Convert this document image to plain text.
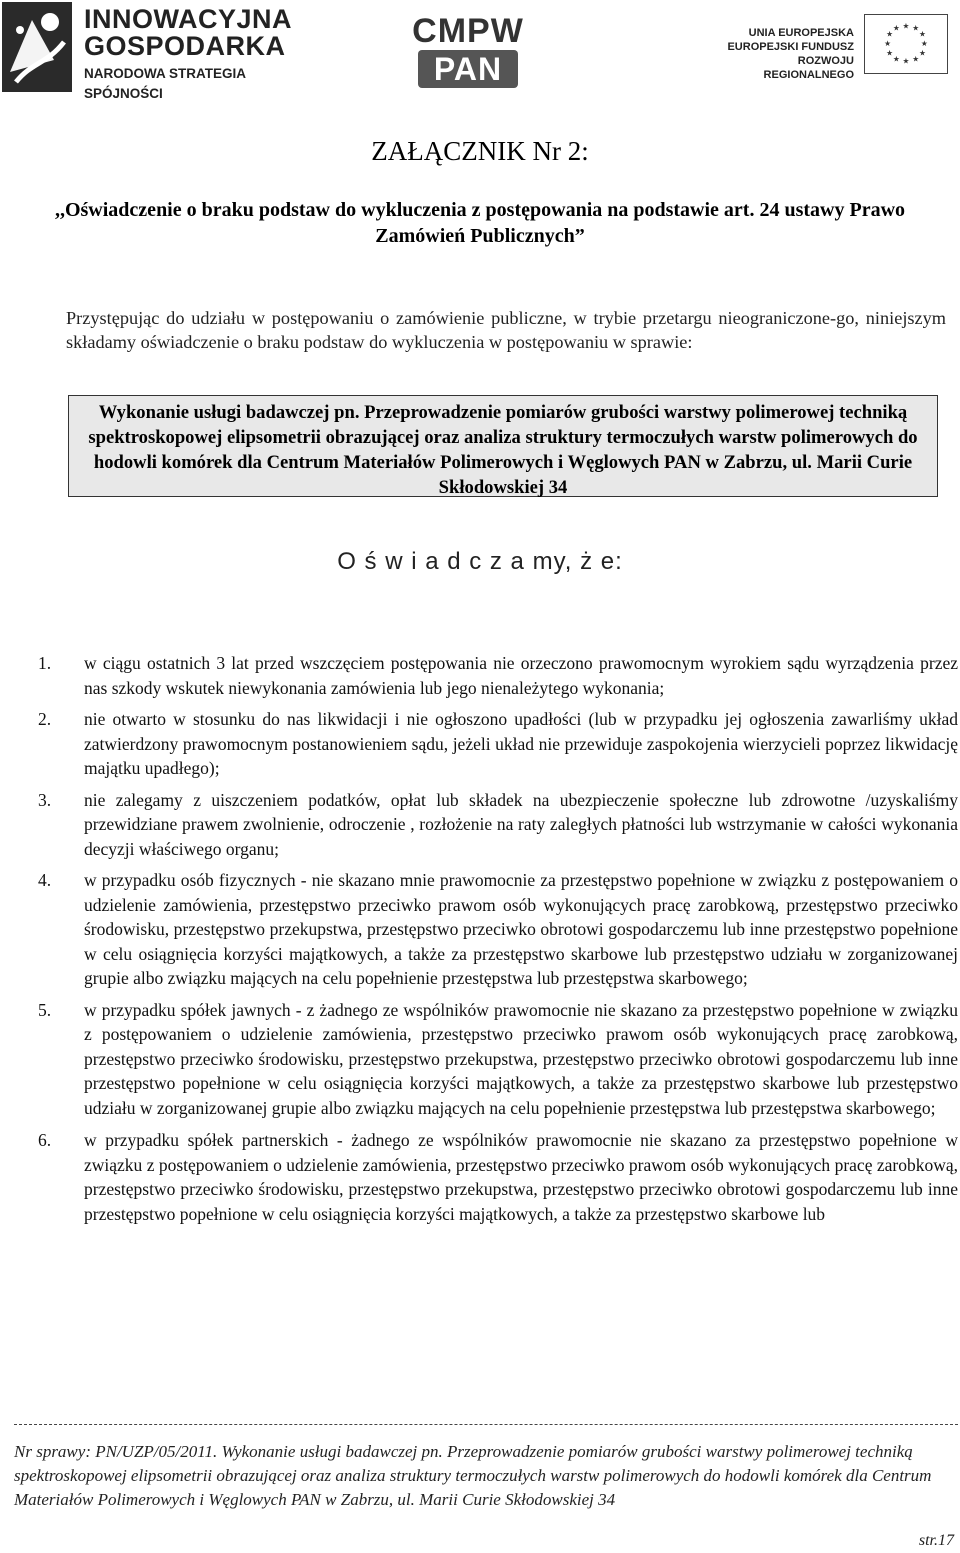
INNOWACYJNA
GOSPODARKA
NARODOWA STRATEGIA SPÓJNOŚCI
CMPW
PAN
UNIA EUROPEJSKA
EUROPEJSKI FUNDUSZ
ROZWOJU REGIONALNEGO
★ ★
★
★
★
★
★
★
★
★
★
★
ZAŁĄCZNIK Nr 2:
,,Oświadczenie o braku podstaw do wykluczenia z postępowania na podstawie art. 24 ustawy Prawo Zamówień Publicznych”
Przystępując do udziału w postępowaniu o zamówienie publiczne, w trybie przetargu nieograniczone-go, niniejszym składamy oświadczenie o braku podstaw do wykluczenia w postępowaniu w sprawie:
Wykonanie usługi badawczej pn. Przeprowadzenie pomiarów grubości warstwy polimerowej techniką spektroskopowej elipsometrii obrazującej oraz analiza struktury termoczułych warstw polimerowych do hodowli komórek dla Centrum Materiałów Polimerowych i Węglowych PAN w Zabrzu, ul. Marii Curie Skłodowskiej 34
O ś w i a d c z a my, ż e:
1. w ciągu ostatnich 3 lat przed wszczęciem postępowania nie orzeczono prawomocnym wyrokiem sądu wyrządzenia przez nas szkody wskutek niewykonania zamówienia lub jego nienależytego wykonania;
2. nie otwarto w stosunku do nas likwidacji i nie ogłoszono upadłości (lub w przypadku jej ogłoszenia zawarliśmy układ zatwierdzony prawomocnym postanowieniem sądu, jeżeli układ nie przewiduje zaspokojenia wierzycieli poprzez likwidację majątku upadłego);
3. nie zalegamy z uiszczeniem podatków, opłat lub składek na ubezpieczenie społeczne lub zdrowotne /uzyskaliśmy przewidziane prawem zwolnienie, odroczenie , rozłożenie na raty zaległych płatności lub wstrzymanie w całości wykonania decyzji właściwego organu;
4. w przypadku osób fizycznych - nie skazano mnie prawomocnie za przestępstwo popełnione w związku z postępowaniem o udzielenie zamówienia, przestępstwo przeciwko prawom osób wykonujących pracę zarobkową, przestępstwo przeciwko środowisku, przestępstwo przekupstwa, przestępstwo przeciwko obrotowi gospodarczemu lub inne przestępstwo popełnione w celu osiągnięcia korzyści majątkowych, a także za przestępstwo skarbowe lub przestępstwo udziału w zorganizowanej grupie albo związku mających na celu popełnienie przestępstwa lub przestępstwa skarbowego;
5. w przypadku spółek jawnych - z żadnego ze wspólników prawomocnie nie skazano za przestępstwo popełnione w związku z postępowaniem o udzielenie zamówienia, przestępstwo przeciwko prawom osób wykonujących pracę zarobkową, przestępstwo przeciwko środowisku, przestępstwo przekupstwa, przestępstwo przeciwko obrotowi gospodarczemu lub inne przestępstwo popełnione w celu osiągnięcia korzyści majątkowych, a także za przestępstwo skarbowe lub przestępstwo udziału w zorganizowanej grupie albo związku mających na celu popełnienie przestępstwa lub przestępstwa skarbowego;
6. w przypadku spółek partnerskich - żadnego ze wspólników prawomocnie nie skazano za przestępstwo popełnione w związku z postępowaniem o udzielenie zamówienia, przestępstwo przeciwko prawom osób wykonujących pracę zarobkową, przestępstwo przeciwko środowisku, przestępstwo przekupstwa, przestępstwo przeciwko obrotowi gospodarczemu lub inne przestępstwo popełnione w celu osiągnięcia korzyści majątkowych, a także za przestępstwo skarbowe lub
Nr sprawy: PN/UZP/05/2011. Wykonanie usługi badawczej pn. Przeprowadzenie pomiarów grubości warstwy polimerowej techniką spektroskopowej elipsometrii obrazującej oraz analiza struktury termoczułych warstw polimerowych do hodowli komórek dla Centrum Materiałów Polimerowych i Węglowych PAN w Zabrzu, ul. Marii Curie Skłodowskiej 34
str.17
